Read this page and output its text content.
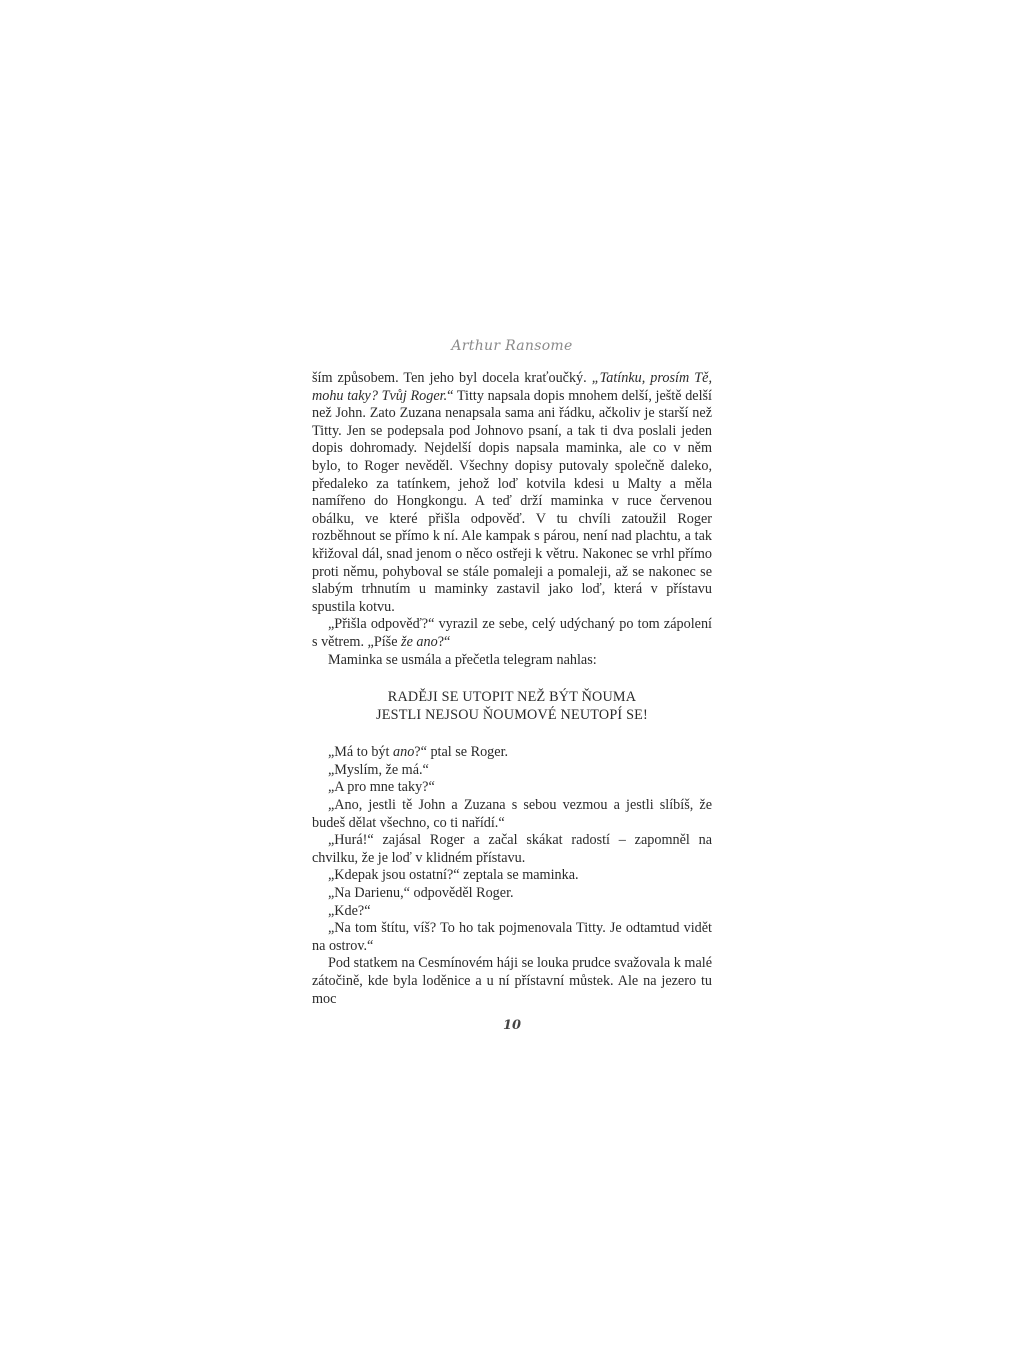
Arthur Ransome

ším způsobem. Ten jeho byl docela kraťoučký. „Tatínku, prosím Tě, mohu taky? Tvůj Roger.“ Titty napsala dopis mnohem delší, ještě delší než John. Zato Zuzana nenapsala sama ani řádku, ačkoliv je starší než Titty. Jen se podepsala pod Johnovo psaní, a tak ti dva poslali jeden dopis dohromady. Nejdelší dopis napsala maminka, ale co v něm bylo, to Roger nevěděl. Všechny dopisy putovaly společně daleko, předaleko za tatínkem, jehož loď kotvila kdesi u Malty a měla namířeno do Hongkongu. A teď drží maminka v ruce červenou obálku, ve které přišla odpověď. V tu chvíli zatoužil Roger rozběhnout se přímo k ní. Ale kampak s párou, není nad plachtu, a tak křižoval dál, snad jenom o něco ostřeji k větru. Nakonec se vrhl přímo proti němu, pohyboval se stále pomaleji a pomaleji, až se nakonec se slabým trhnutím u maminky zastavil jako loď, která v přístavu spustila kotvu.

„Přišla odpověď?“ vyrazil ze sebe, celý udýchaný po tom zápolení s větrem. „Píše že ano?“

Maminka se usmála a přečetla telegram nahlas:

RADĚJI SE UTOPIT NEŽ BÝT ŇOUMA

JESTLI NEJSOU ŇOUMOVÉ NEUTOPÍ SE!

„Má to být ano?“ ptal se Roger.

„Myslím, že má.“

„A pro mne taky?“

„Ano, jestli tě John a Zuzana s sebou vezmou a jestli slíbíš, že budeš dělat všechno, co ti nařídí.“

„Hurá!“ zajásal Roger a začal skákat radostí – zapomněl na chvilku, že je loď v klidném přístavu.

„Kdepak jsou ostatní?“ zeptala se maminka.

„Na Darienu,“ odpověděl Roger.

„Kde?“

„Na tom štítu, víš? To ho tak pojmenovala Titty. Je odtamtud vidět na ostrov.“

Pod statkem na Cesmínovém háji se louka prudce svažovala k malé zátočině, kde byla loděnice a u ní přístavní můstek. Ale na jezero tu moc

10
